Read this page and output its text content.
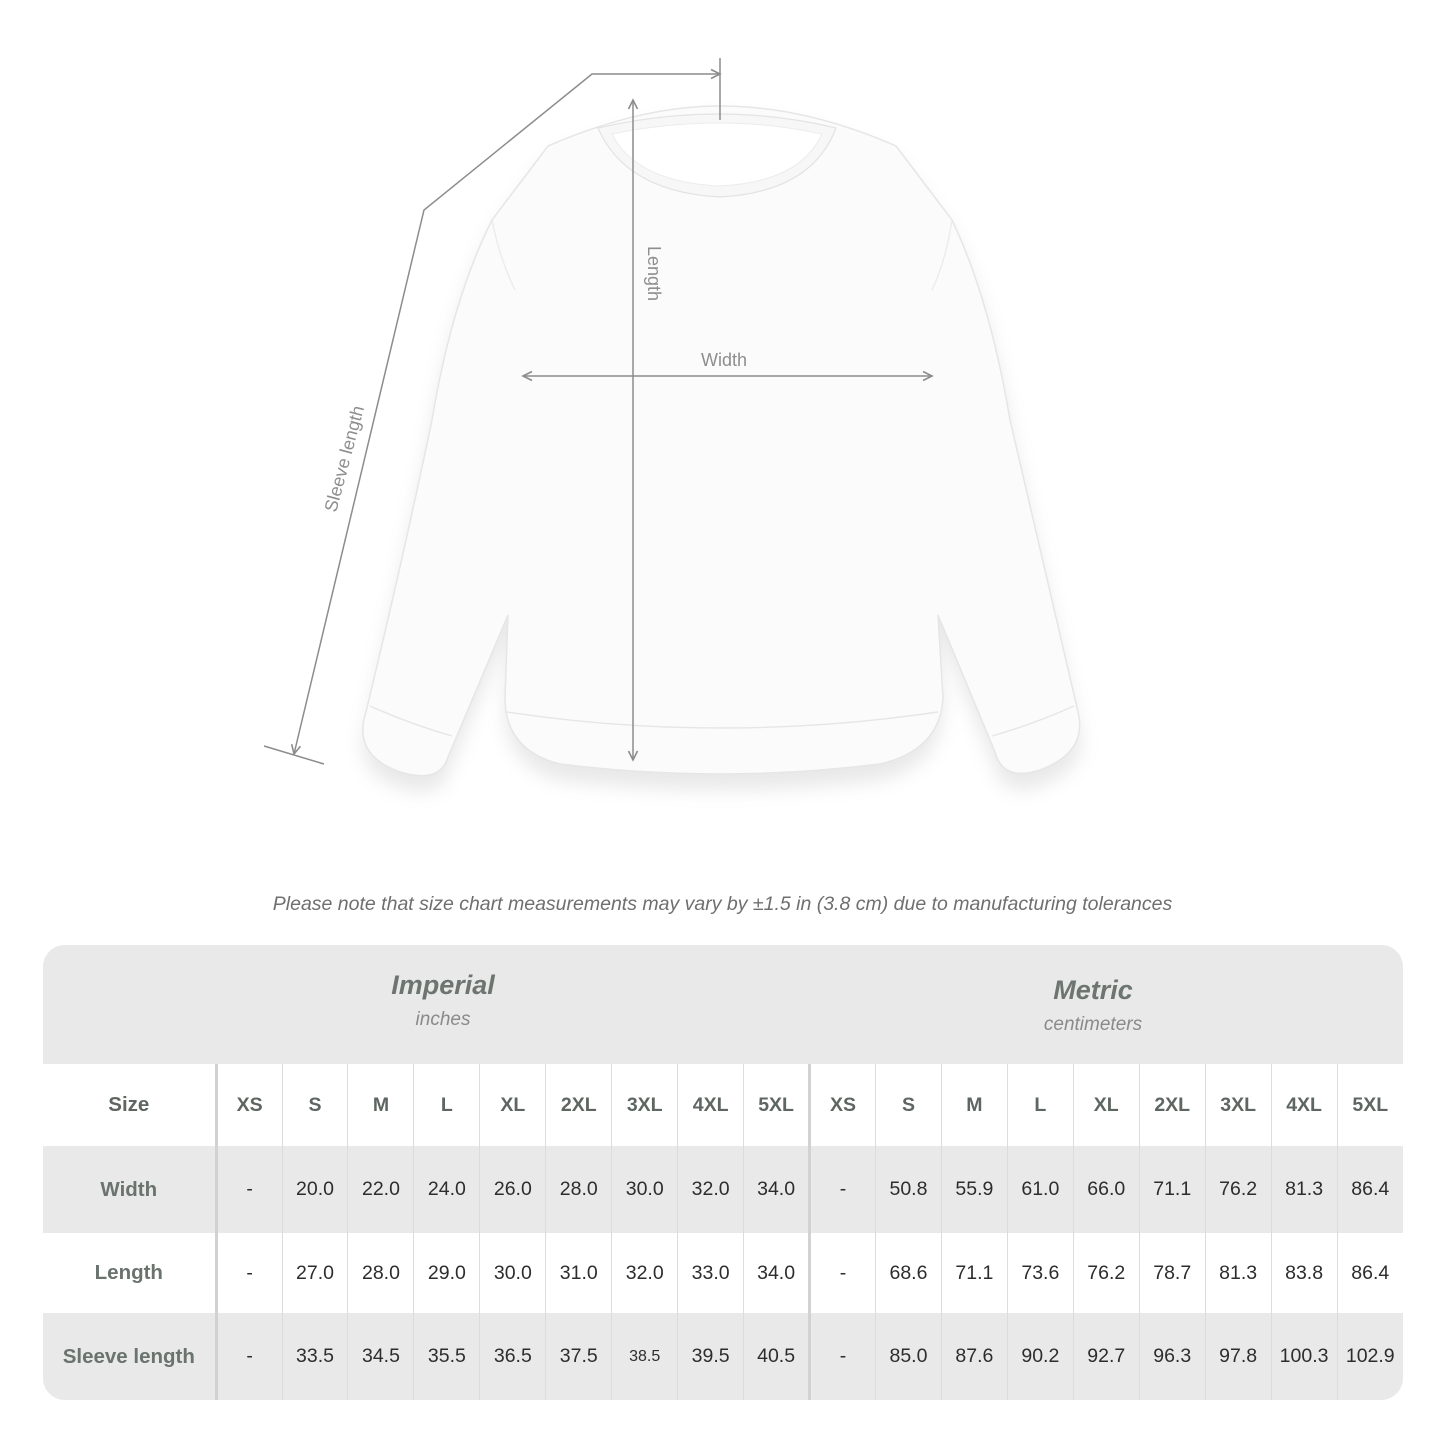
Length
Width
Sleeve length
Please note that size chart measurements may vary by ±1.5 in (3.8 cm) due to manufacturing tolerances
Imperial
inches
Metric
centimeters
Size	XS	S	M	L	XL	2XL	3XL	4XL	5XL	XS	S	M	L	XL	2XL	3XL	4XL	5XL
Width	-	20.0	22.0	24.0	26.0	28.0	30.0	32.0	34.0	-	50.8	55.9	61.0	66.0	71.1	76.2	81.3	86.4
Length	-	27.0	28.0	29.0	30.0	31.0	32.0	33.0	34.0	-	68.6	71.1	73.6	76.2	78.7	81.3	83.8	86.4
Sleeve length	-	33.5	34.5	35.5	36.5	37.5	38.5	39.5	40.5	-	85.0	87.6	90.2	92.7	96.3	97.8	100.3	102.9
